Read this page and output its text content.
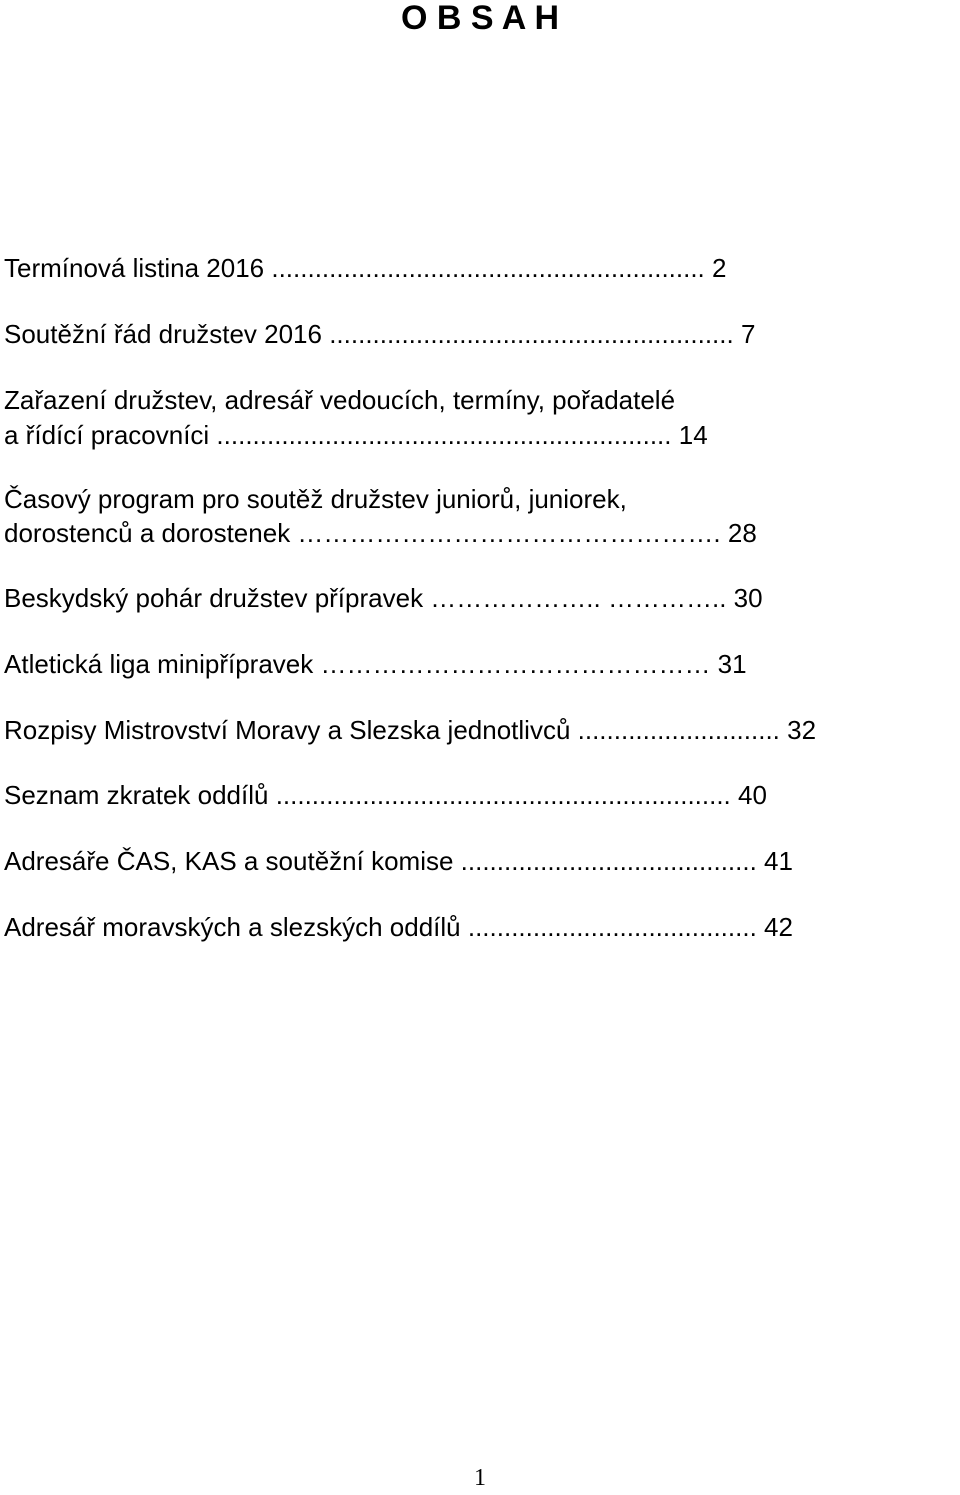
O B S A H
Termínová listina 2016 ............................................................ 2
Soutěžní řád družstev 2016 ........................................................ 7
Zařazení družstev, adresář vedoucích, termíny, pořadatelé
a řídící pracovníci ............................................................... 14
Časový program pro soutěž družstev juniorů, juniorek,
dorostenců a dorostenek …………………………………………. 28
Beskydský pohár družstev přípravek ……………….. ………….. 30
Atletická liga minipřípravek ……………………………………… 31
Rozpisy Mistrovství Moravy a Slezska jednotlivců ............................ 32
Seznam zkratek oddílů ............................................................... 40
Adresáře ČAS, KAS a soutěžní komise ......................................... 41
Adresář moravských a slezských oddílů ........................................ 42
1
